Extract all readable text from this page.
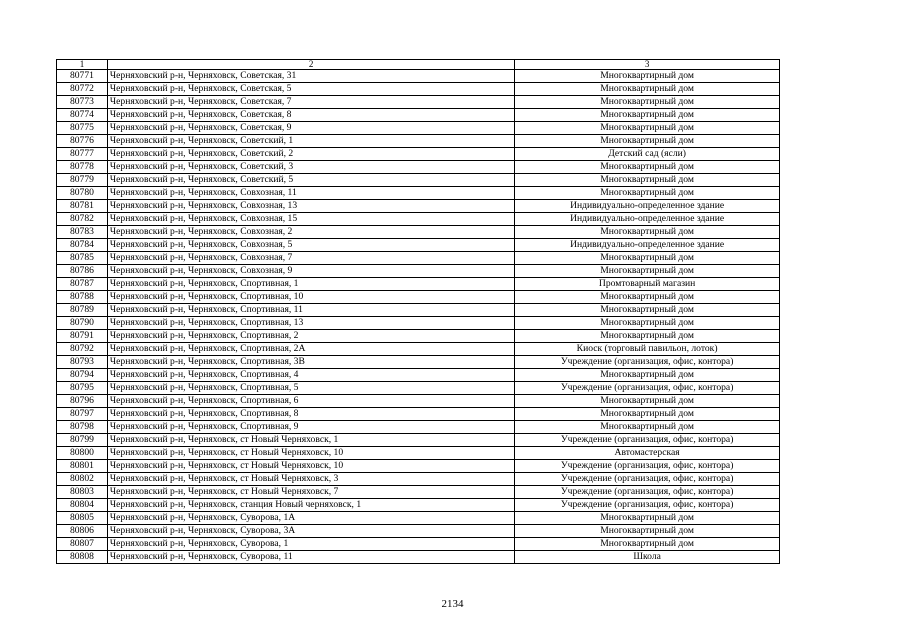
1	2	3
80771	Черняховский р-н, Черняховск, Советская, 31	Многоквартирный дом
80772	Черняховский р-н, Черняховск, Советская, 5	Многоквартирный дом
80773	Черняховский р-н, Черняховск, Советская, 7	Многоквартирный дом
80774	Черняховский р-н, Черняховск, Советская, 8	Многоквартирный дом
80775	Черняховский р-н, Черняховск, Советская, 9	Многоквартирный дом
80776	Черняховский р-н, Черняховск, Советский, 1	Многоквартирный дом
80777	Черняховский р-н, Черняховск, Советский, 2	Детский сад (ясли)
80778	Черняховский р-н, Черняховск, Советский, 3	Многоквартирный дом
80779	Черняховский р-н, Черняховск, Советский, 5	Многоквартирный дом
80780	Черняховский р-н, Черняховск, Совхозная, 11	Многоквартирный дом
80781	Черняховский р-н, Черняховск, Совхозная, 13	Индивидуально-определенное здание
80782	Черняховский р-н, Черняховск, Совхозная, 15	Индивидуально-определенное здание
80783	Черняховский р-н, Черняховск, Совхозная, 2	Многоквартирный дом
80784	Черняховский р-н, Черняховск, Совхозная, 5	Индивидуально-определенное здание
80785	Черняховский р-н, Черняховск, Совхозная, 7	Многоквартирный дом
80786	Черняховский р-н, Черняховск, Совхозная, 9	Многоквартирный дом
80787	Черняховский р-н, Черняховск, Спортивная, 1	Промтоварный магазин
80788	Черняховский р-н, Черняховск, Спортивная, 10	Многоквартирный дом
80789	Черняховский р-н, Черняховск, Спортивная, 11	Многоквартирный дом
80790	Черняховский р-н, Черняховск, Спортивная, 13	Многоквартирный дом
80791	Черняховский р-н, Черняховск, Спортивная, 2	Многоквартирный дом
80792	Черняховский р-н, Черняховск, Спортивная, 2А	Киоск (торговый павильон, лоток)
80793	Черняховский р-н, Черняховск, Спортивная, 3В	Учреждение (организация, офис, контора)
80794	Черняховский р-н, Черняховск, Спортивная, 4	Многоквартирный дом
80795	Черняховский р-н, Черняховск, Спортивная, 5	Учреждение (организация, офис, контора)
80796	Черняховский р-н, Черняховск, Спортивная, 6	Многоквартирный дом
80797	Черняховский р-н, Черняховск, Спортивная, 8	Многоквартирный дом
80798	Черняховский р-н, Черняховск, Спортивная, 9	Многоквартирный дом
80799	Черняховский р-н, Черняховск, ст Новый Черняховск, 1	Учреждение (организация, офис, контора)
80800	Черняховский р-н, Черняховск, ст Новый Черняховск, 10	Автомастерская
80801	Черняховский р-н, Черняховск, ст Новый Черняховск, 10	Учреждение (организация, офис, контора)
80802	Черняховский р-н, Черняховск, ст Новый Черняховск, 3	Учреждение (организация, офис, контора)
80803	Черняховский р-н, Черняховск, ст Новый Черняховск, 7	Учреждение (организация, офис, контора)
80804	Черняховский р-н, Черняховск, станция Новый черняховск, 1	Учреждение (организация, офис, контора)
80805	Черняховский р-н, Черняховск, Суворова, 1А	Многоквартирный дом
80806	Черняховский р-н, Черняховск, Суворова, 3А	Многоквартирный дом
80807	Черняховский р-н, Черняховск, Суворова, 1	Многоквартирный дом
80808	Черняховский р-н, Черняховск, Суворова, 11	Школа
2134
